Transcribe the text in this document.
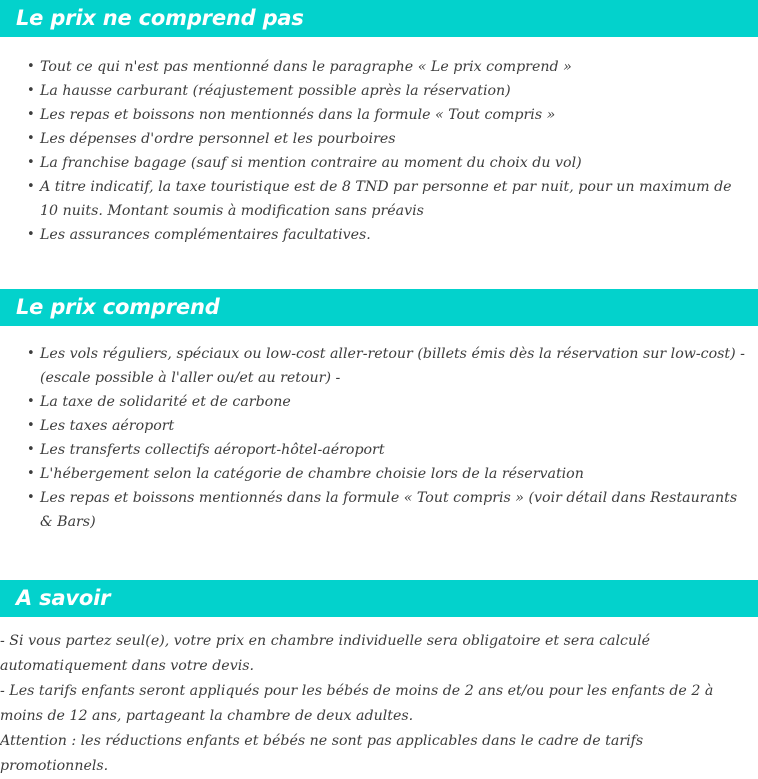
Le prix ne comprend pas
• Tout ce qui n'est pas mentionné dans le paragraphe « Le prix comprend »
• La hausse carburant (réajustement possible après la réservation)
• Les repas et boissons non mentionnés dans la formule « Tout compris »
• Les dépenses d'ordre personnel et les pourboires
• La franchise bagage (sauf si mention contraire au moment du choix du vol)
• A titre indicatif, la taxe touristique est de 8 TND par personne et par nuit, pour un maximum de 10 nuits. Montant soumis à modification sans préavis
• Les assurances complémentaires facultatives.
Le prix comprend
• Les vols réguliers, spéciaux ou low-cost aller-retour (billets émis dès la réservation sur low-cost) - (escale possible à l'aller ou/et au retour) -
• La taxe de solidarité et de carbone
• Les taxes aéroport
• Les transferts collectifs aéroport-hôtel-aéroport
• L'hébergement selon la catégorie de chambre choisie lors de la réservation
• Les repas et boissons mentionnés dans la formule « Tout compris » (voir détail dans Restaurants & Bars)
A savoir

- Si vous partez seul(e), votre prix en chambre individuelle sera obligatoire et sera calculé automatiquement dans votre devis.

- Les tarifs enfants seront appliqués pour les bébés de moins de 2 ans et/ou pour les enfants de 2 à moins de 12 ans, partageant la chambre de deux adultes.

Attention : les réductions enfants et bébés ne sont pas applicables dans le cadre de tarifs promotionnels.
